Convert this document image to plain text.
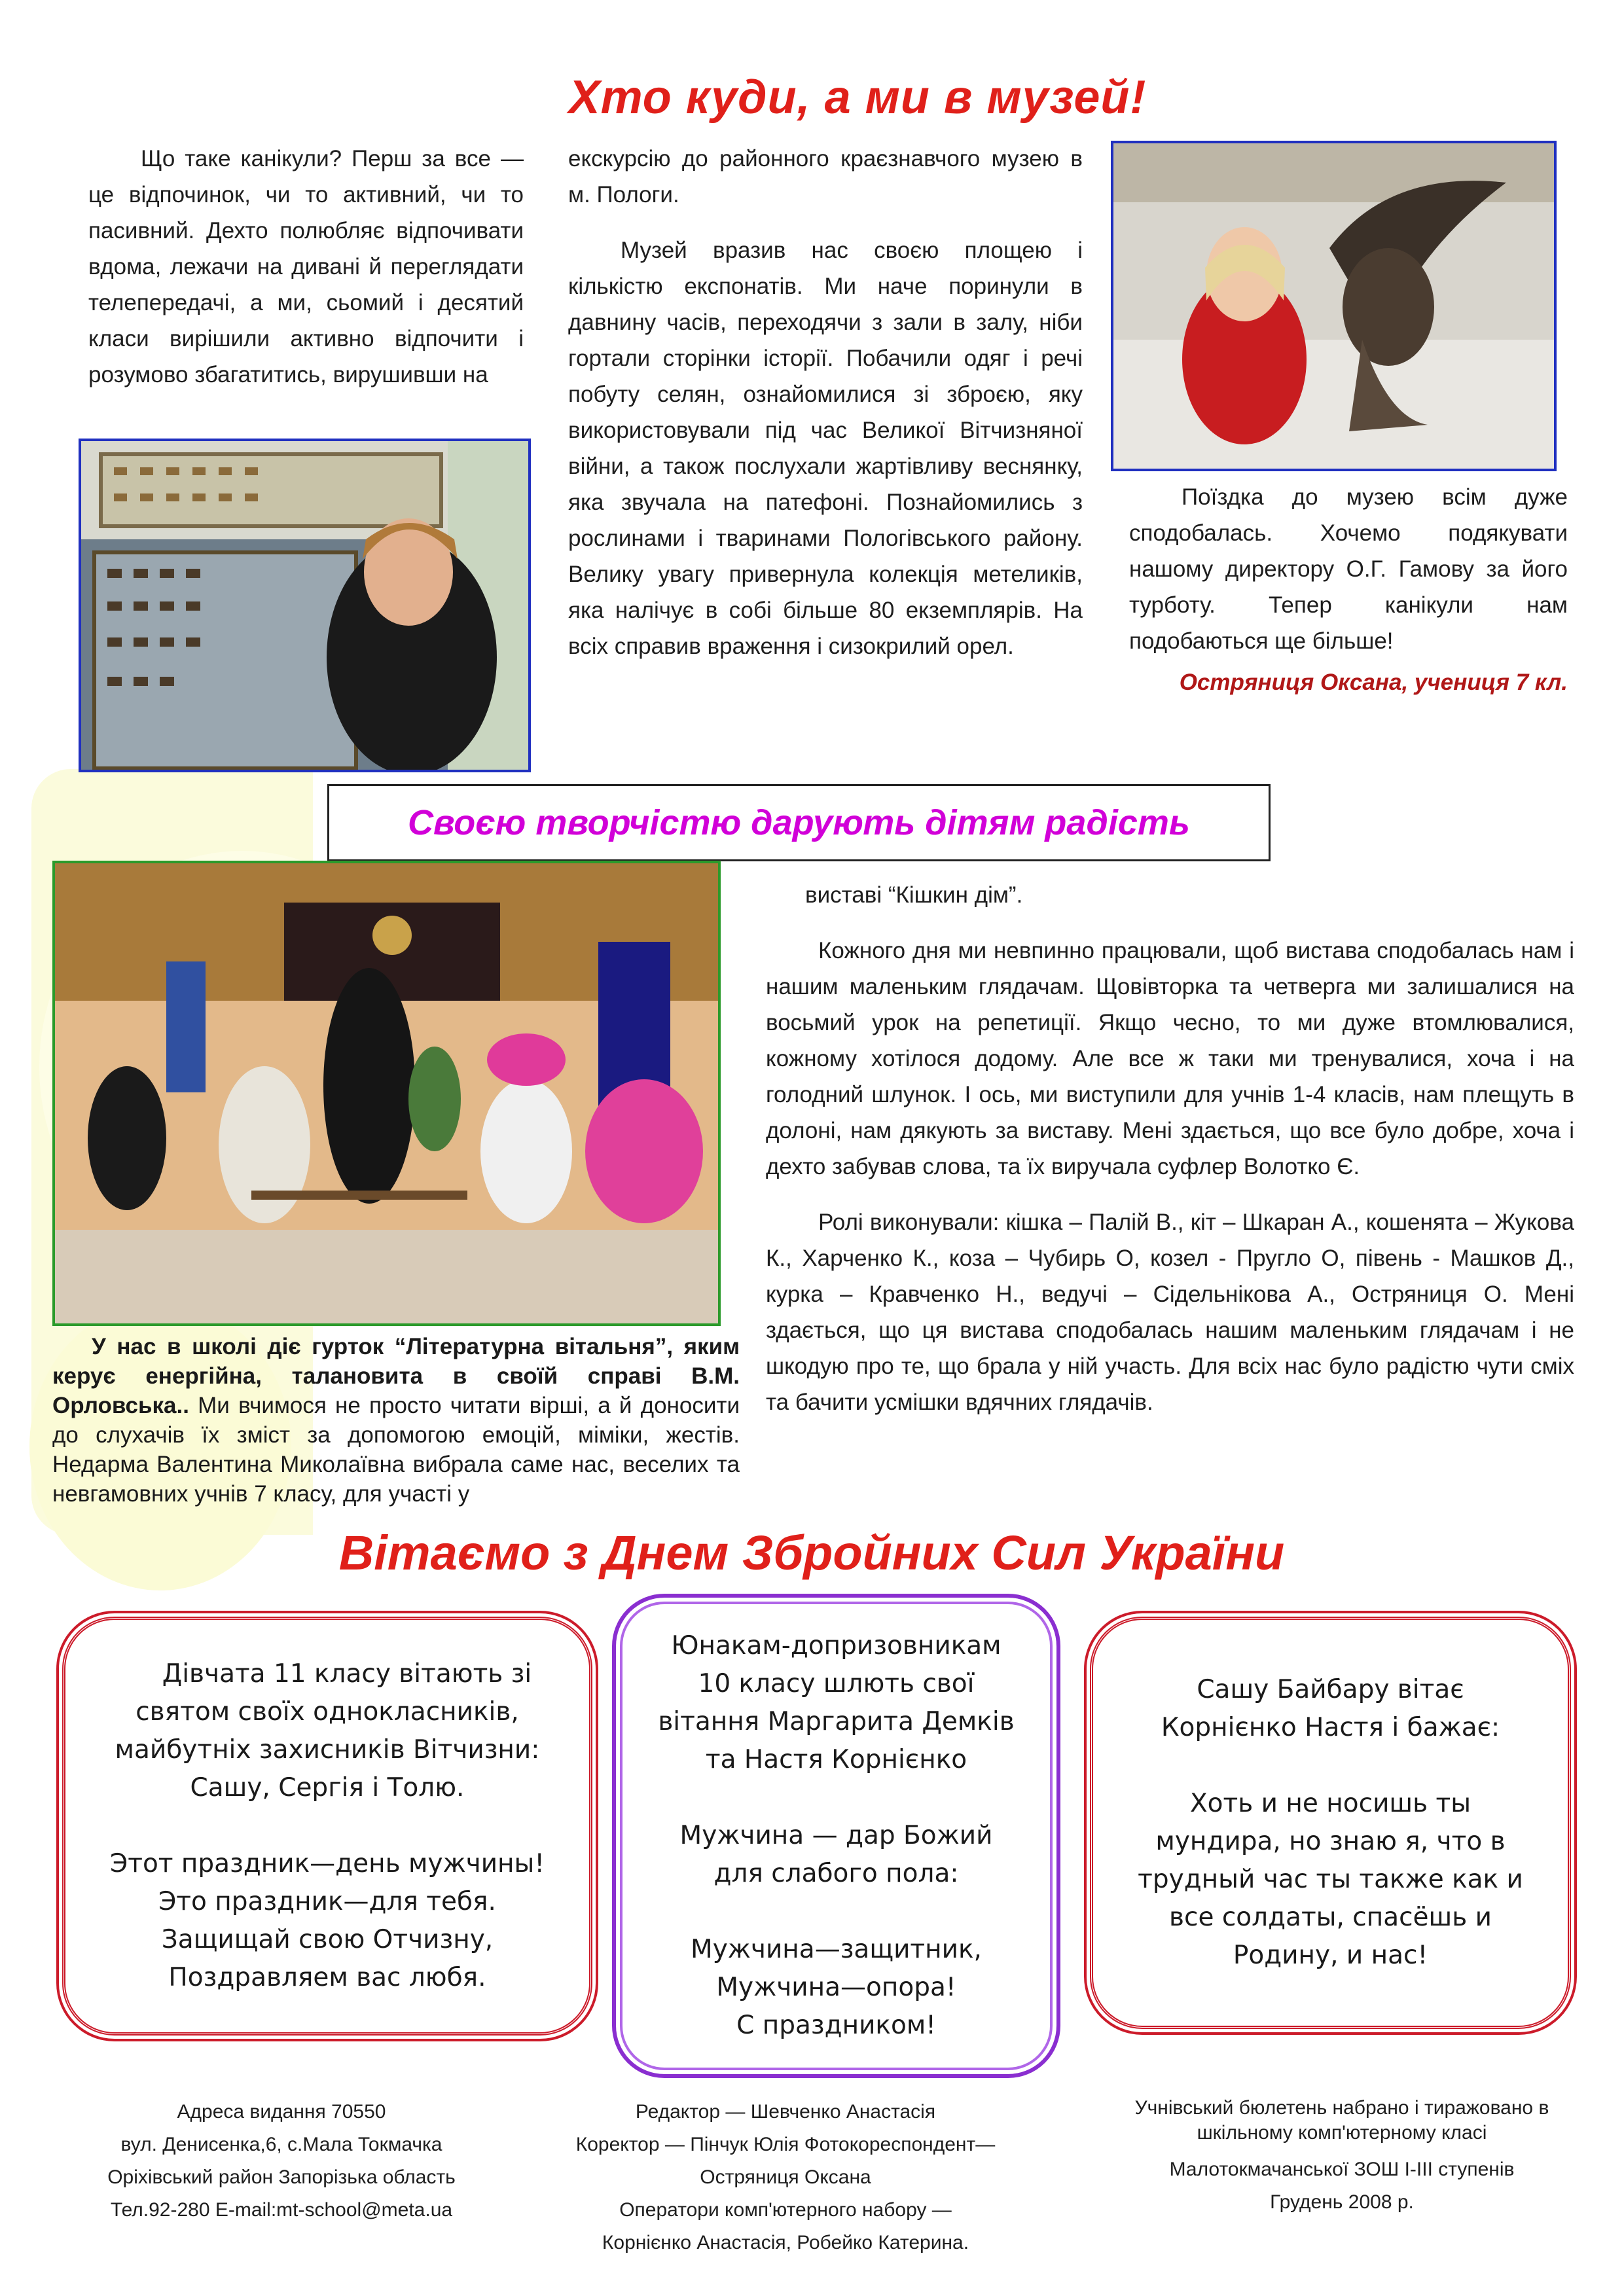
Хто куди, а ми в музей!

Що таке канікули? Перш за все — це відпочинок, чи то активний, чи то пасивний. Дехто полюбляє відпочивати вдома, лежачи на дивані й переглядати телепередачі, а ми, сьомий і десятий класи вирішили активно відпочити і розумово збагатитись, вирушивши на

екскурсію до районного краєзнавчого музею в м. Пологи.

Музей вразив нас своєю площею і кількістю експонатів. Ми наче поринули в давнину часів, переходячи з зали в залу, ніби гортали сторінки історії. Побачили одяг і речі побуту селян, ознайомилися зі зброєю, яку використовували під час Великої Вітчизняної війни, а також послухали жартівливу веснянку, яка звучала на патефоні. Познайомились з рослинами і тваринами Пологівського району. Велику увагу привернула колекція метеликів, яка налічує в собі більше 80 екземплярів. На всіх справив враження і сизокрилий орел.

Поїздка до музею всім дуже сподобалась. Хочемо подякувати нашому директору О.Г. Гамову за його турботу. Тепер канікули нам подобаються ще більше!

Остряниця Оксана, учениця 7 кл.
Своєю творчістю дарують дітям радість
У нас в школі діє гурток “Літературна вітальня”, яким керує енергійна, талановита в своїй справі В.М. Орловська.. Ми вчимося не просто читати вірші, а й доносити до слухачів їх зміст за допомогою емоцій, міміки, жестів. Недарма Валентина Миколаївна вибрала саме нас, веселих та невгамовних учнів 7 класу, для участі у

виставі “Кішкин дім”.

Кожного дня ми невпинно працювали, щоб вистава сподобалась нам і нашим маленьким глядачам. Щовівторка та четверга ми залишалися на восьмий урок на репетиції. Якщо чесно, то ми дуже втомлювалися, кожному хотілося додому. Але все ж таки ми тренувалися, хоча і на голодний шлунок. І ось, ми виступили для учнів 1-4 класів, нам плещуть в долоні, нам дякують за виставу. Мені здається, що все було добре, хоча і дехто забував слова, та їх виручала суфлер Волотко Є.

Ролі виконували: кішка – Палій В., кіт – Шкаран А., кошенята – Жукова К., Харченко К., коза – Чубирь О, козел - Пругло О, півень - Машков Д., курка – Кравченко Н., ведучі – Сідельнікова А., Остряниця О. Мені здається, що ця вистава сподобалась нашим маленьким глядачам і не шкодую про те, що брала у ній участь. Для всіх нас було радістю чути сміх та бачити усмішки вдячних глядачів.

Вітаємо з Днем Збройних Сил України
Дівчата 11 класу вітають зі
святом своїх однокласників,
майбутніх захисників Вітчизни:
Сашу, Сергія і Толю.
Этот праздник—день мужчины!
Это праздник—для тебя.
Защищай свою Отчизну,
Поздравляем вас любя.
Юнакам-допризовникам
10 класу шлють свої
вітання Маргарита Демків
та Настя Корнієнко
Мужчина — дар Божий
для слабого пола:
Мужчина—защитник,
Мужчина—опора!
С праздником!
Сашу Байбару вітає
Корнієнко Настя і бажає:
Хоть и не носишь ты
мундира, но знаю я, что в
трудный час ты также как и
все солдаты, спасёшь и
Родину, и нас!
Адреса видання 70550
вул. Денисенка,6, с.Мала Токмачка
Оріхівський район Запорізька область
Тел.92-280 E-mail:mt-school@meta.ua
Редактор — Шевченко Анастасія
Коректор — Пінчук Юлія Фотокореспондент—
Остряниця Оксана
Оператори комп'ютерного набору —
Корнієнко Анастасія, Робейко Катерина.
Учнівський бюлетень набрано і тиражовано в
шкільному комп'ютерному класі
Малотокмачанської ЗОШ І-ІІІ ступенів
Грудень 2008 р.
